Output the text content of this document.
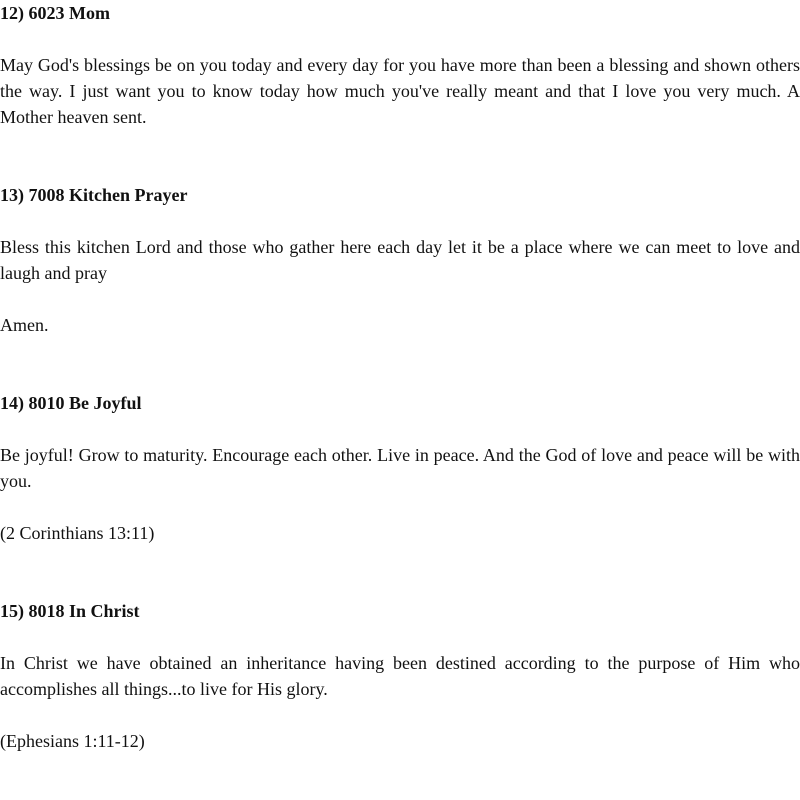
12) 6023 Mom

May God's blessings be on you today and every day for you have more than been a blessing and shown others the way. I just want you to know today how much you've really meant and that I love you very much. A Mother heaven sent.

13) 7008 Kitchen Prayer

Bless this kitchen Lord and those who gather here each day let it be a place where we can meet to love and laugh and pray

Amen.

14) 8010 Be Joyful

Be joyful! Grow to maturity. Encourage each other. Live in peace. And the God of love and peace will be with you.

(2 Corinthians 13:11)

15) 8018 In Christ

In Christ we have obtained an inheritance having been destined according to the purpose of Him who accomplishes all things...to live for His glory.

(Ephesians 1:11-12)
